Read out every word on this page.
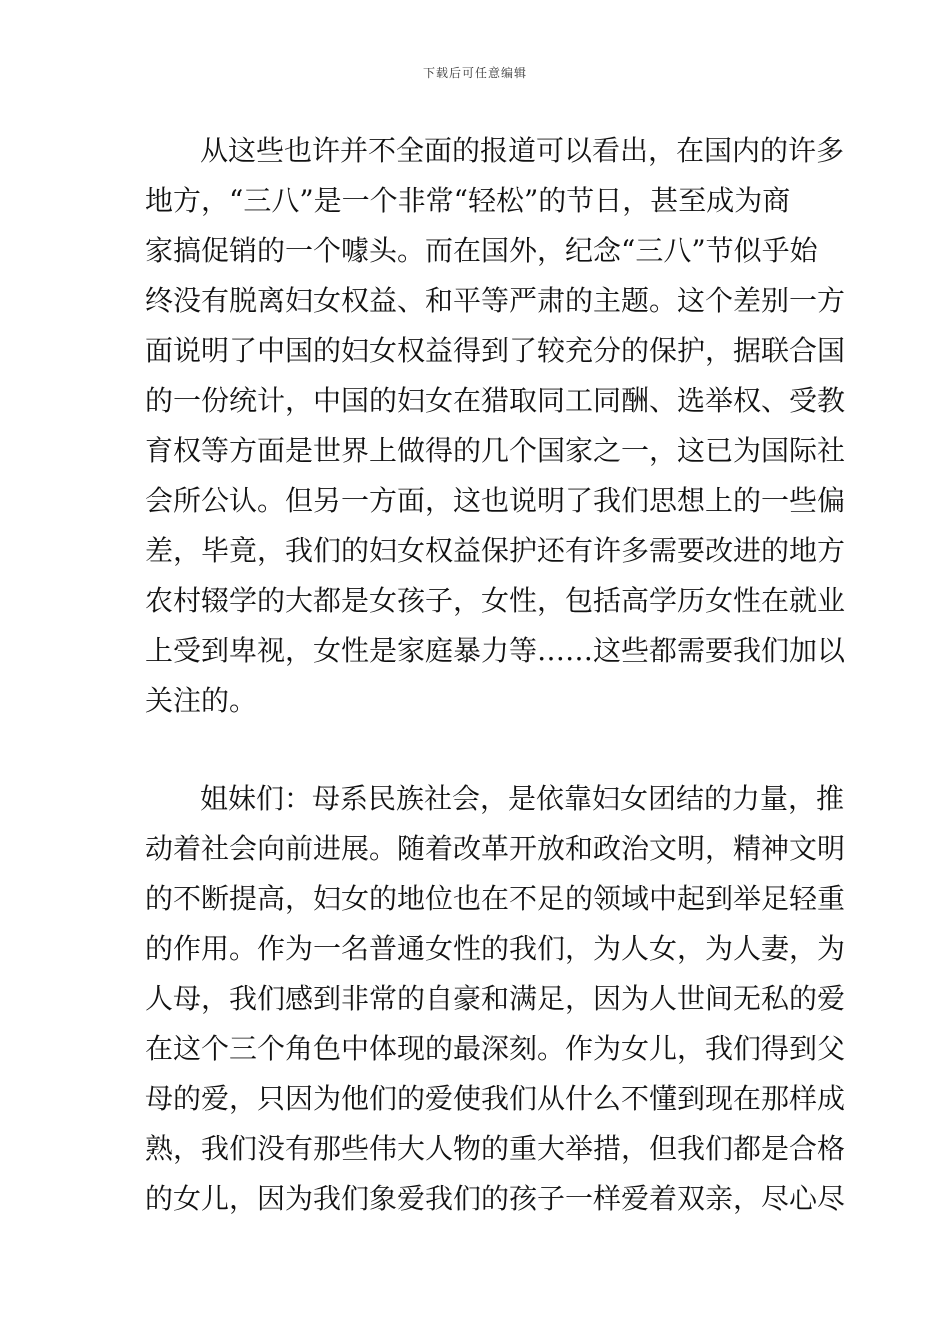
下载后可任意编辑
从这些也许并不全面的报道可以看出，在国内的许多
地方，“三八”是一个非常“轻松”的节日，甚至成为商
家搞促销的一个噱头。而在国外，纪念“三八”节似乎始
终没有脱离妇女权益、和平等严肃的主题。这个差别一方
面说明了中国的妇女权益得到了较充分的保护，据联合国
的一份统计，中国的妇女在猎取同工同酬、选举权、受教
育权等方面是世界上做得的几个国家之一，这已为国际社
会所公认。但另一方面，这也说明了我们思想上的一些偏
差，毕竟，我们的妇女权益保护还有许多需要改进的地方
农村辍学的大都是女孩子，女性，包括高学历女性在就业
上受到卑视，女性是家庭暴力等……这些都需要我们加以
关注的。
姐妹们：母系民族社会，是依靠妇女团结的力量，推
动着社会向前进展。随着改革开放和政治文明，精神文明
的不断提高，妇女的地位也在不足的领域中起到举足轻重
的作用。作为一名普通女性的我们，为人女，为人妻，为
人母，我们感到非常的自豪和满足，因为人世间无私的爱
在这个三个角色中体现的最深刻。作为女儿，我们得到父
母的爱，只因为他们的爱使我们从什么不懂到现在那样成
熟，我们没有那些伟大人物的重大举措，但我们都是合格
的女儿，因为我们象爱我们的孩子一样爱着双亲，尽心尽
